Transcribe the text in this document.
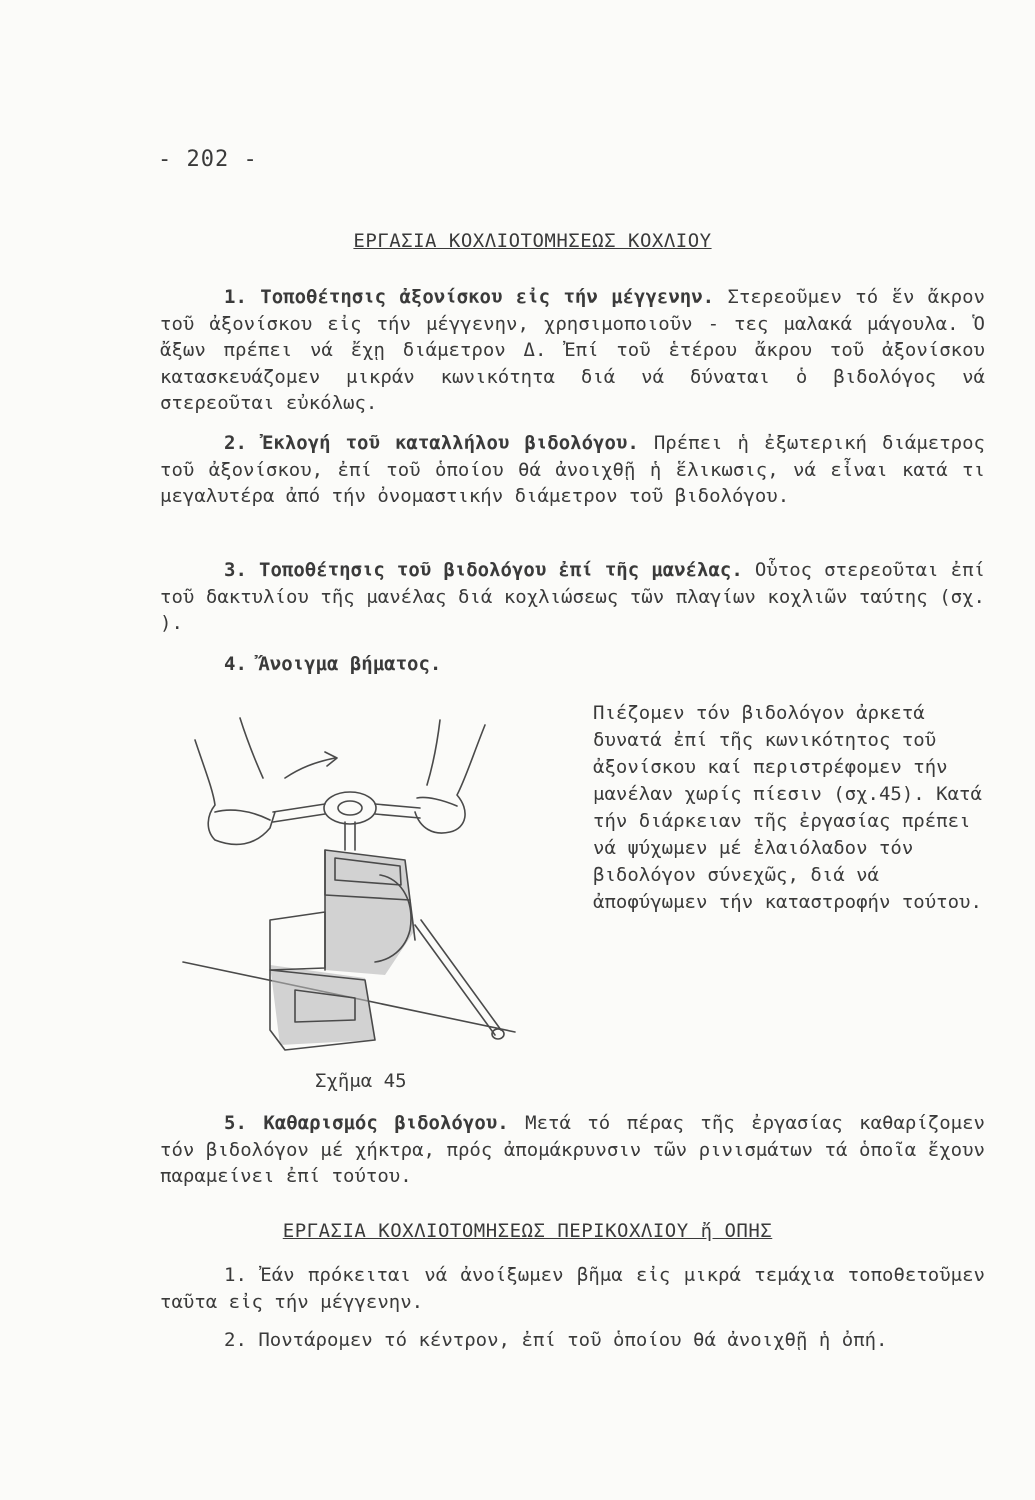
- 202 -
ΕΡΓΑΣΙΑ ΚΟΧΛΙΟΤΟΜΗΣΕΩΣ ΚΟΧΛΙΟΥ
1. Τοποθέτησις ἀξονίσκου εἰς τήν μέγγενην. Στερεοῦμεν τό ἕν ἄκρον τοῦ ἀξονίσκου εἰς τήν μέγγενην, χρησιμοποιοῦν - τες μαλακά μάγουλα. Ὁ ἄξων πρέπει νά ἔχῃ διάμετρον Δ. Ἐπί τοῦ ἑτέρου ἄκρου τοῦ ἀξονίσκου κατασκευάζομεν μικράν κωνικότητα διά νά δύναται ὁ βιδολόγος νά στερεοῦται εὐκόλως.
2. Ἐκλογή τοῦ καταλλήλου βιδολόγου. Πρέπει ἡ ἐξωτερική διάμετρος τοῦ ἀξονίσκου, ἐπί τοῦ ὁποίου θά ἀνοιχθῇ ἡ ἕλικωσις, νά εἶναι κατά τι μεγαλυτέρα ἀπό τήν ὀνομαστικήν διάμετρον τοῦ βιδολόγου.
3. Τοποθέτησις τοῦ βιδολόγου ἐπί τῆς μανέλας. Οὗτος στερεοῦται ἐπί τοῦ δακτυλίου τῆς μανέλας διά κοχλιώσεως τῶν πλαγίων κοχλιῶν ταύτης (σχ. ).
4. Ἄνοιγμα βήματος.
Πιέζομεν τόν βιδολόγον ἀρκετά δυνατά ἐπί τῆς κωνικότητος τοῦ ἀξονίσκου καί περιστρέφομεν τήν μανέλαν χωρίς πίεσιν (σχ.45). Κατά τήν διάρκειαν τῆς ἐργασίας πρέπει νά ψύχωμεν μέ ἐλαιόλαδον τόν βιδολόγον σύνεχῶς, διά νά ἀποφύγωμεν τήν καταστροφήν τούτου.
Σχῆμα 45
5. Καθαρισμός βιδολόγου. Μετά τό πέρας τῆς ἐργασίας καθαρίζομεν τόν βιδολόγον μέ χήκτρα, πρός ἀπομάκρυνσιν τῶν ρινισμάτων τά ὁποῖα ἔχουν παραμείνει ἐπί τούτου.
ΕΡΓΑΣΙΑ ΚΟΧΛΙΟΤΟΜΗΣΕΩΣ ΠΕΡΙΚΟΧΛΙΟΥ ἤ ΟΠΗΣ
1. Ἐάν πρόκειται νά ἀνοίξωμεν βῆμα εἰς μικρά τεμάχια τοποθετοῦμεν ταῦτα εἰς τήν μέγγενην.
2. Ποντάρομεν τό κέντρον, ἐπί τοῦ ὁποίου θά ἀνοιχθῇ ἡ ὀπή.
